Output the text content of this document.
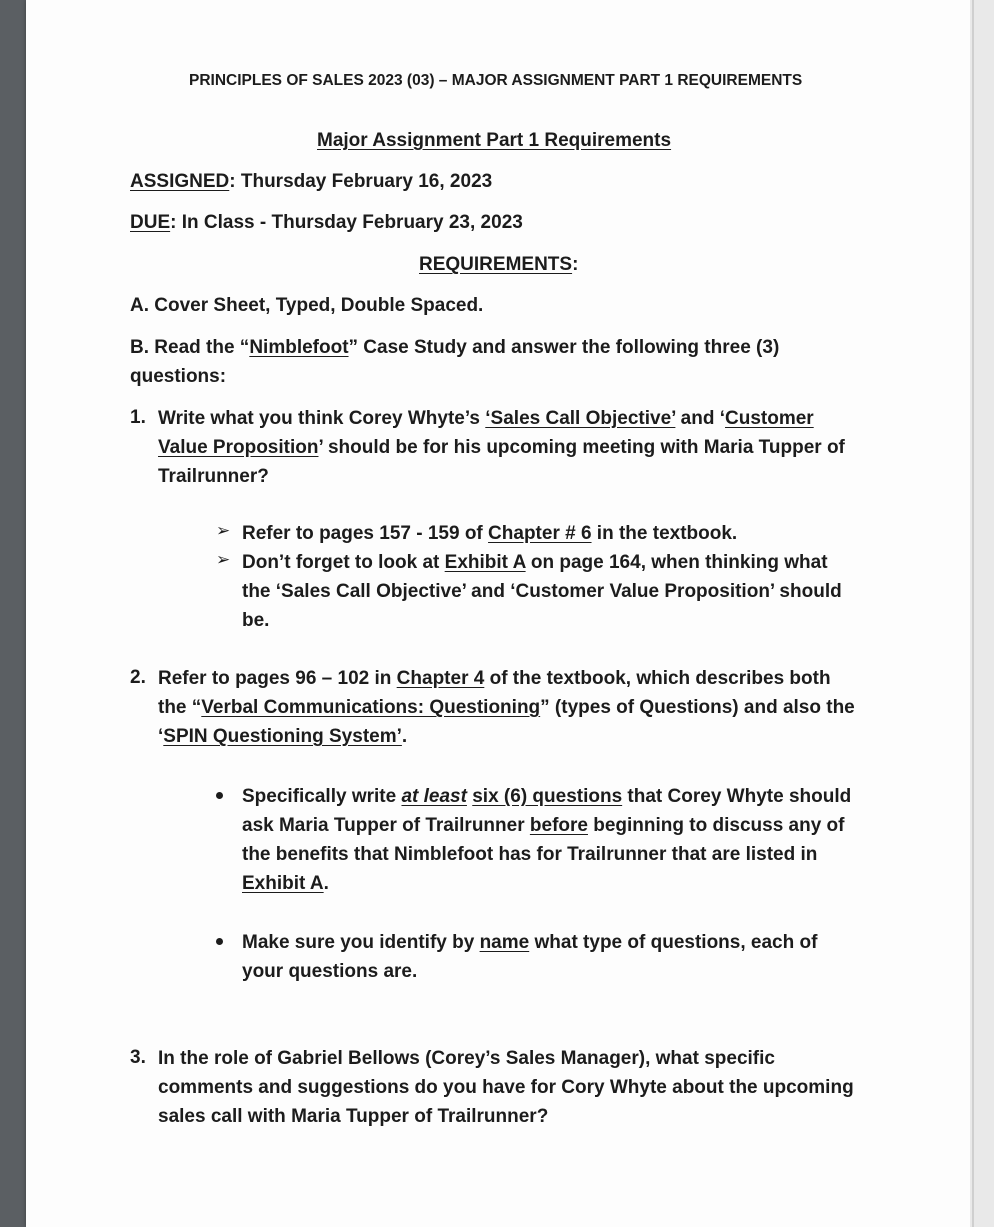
PRINCIPLES OF SALES 2023 (03) – MAJOR ASSIGNMENT PART 1 REQUIREMENTS
Major Assignment Part 1 Requirements
ASSIGNED: Thursday February 16, 2023
DUE: In Class - Thursday February 23, 2023
REQUIREMENTS:
A. Cover Sheet, Typed, Double Spaced.
B. Read the “Nimblefoot” Case Study and answer the following three (3)
questions:
1. Write what you think Corey Whyte’s ‘Sales Call Objective’ and ‘Customer
Value Proposition’ should be for his upcoming meeting with Maria Tupper of
Trailrunner?
➢ Refer to pages 157 - 159 of Chapter # 6 in the textbook.
➢ Don’t forget to look at Exhibit A on page 164, when thinking what
the ‘Sales Call Objective’ and ‘Customer Value Proposition’ should
be.
2. Refer to pages 96 – 102 in Chapter 4 of the textbook, which describes both
the “Verbal Communications: Questioning” (types of Questions) and also the
‘SPIN Questioning System’.
Specifically write at least six (6) questions that Corey Whyte should
ask Maria Tupper of Trailrunner before beginning to discuss any of
the benefits that Nimblefoot has for Trailrunner that are listed in
Exhibit A.
Make sure you identify by name what type of questions, each of
your questions are.
3. In the role of Gabriel Bellows (Corey’s Sales Manager), what specific
comments and suggestions do you have for Cory Whyte about the upcoming
sales call with Maria Tupper of Trailrunner?
